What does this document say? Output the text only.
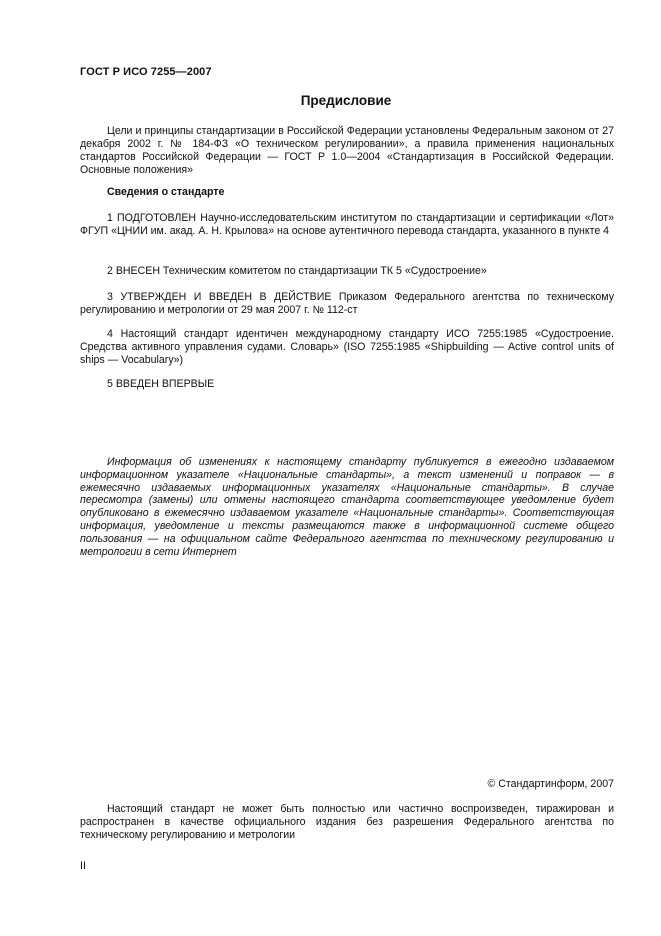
ГОСТ Р ИСО 7255—2007
Предисловие

Цели и принципы стандартизации в Российской Федерации установлены Федеральным законом от 27 декабря 2002 г. № 184-ФЗ «О техническом регулировании», а правила применения национальных стандартов Российской Федерации — ГОСТ Р 1.0—2004 «Стандартизация в Российской Федерации. Основные положения»

Сведения о стандарте

1 ПОДГОТОВЛЕН Научно-исследовательским институтом по стандартизации и сертификации «Лот» ФГУП «ЦНИИ им. акад. А. Н. Крылова» на основе аутентичного перевода стандарта, указанного в пункте 4

2 ВНЕСЕН Техническим комитетом по стандартизации ТК 5 «Судостроение»

3 УТВЕРЖДЕН И ВВЕДЕН В ДЕЙСТВИЕ Приказом Федерального агентства по техническому регулированию и метрологии от 29 мая 2007 г. № 112-ст

4 Настоящий стандарт идентичен международному стандарту ИСО 7255:1985 «Судостроение. Средства активного управления судами. Словарь» (ISO 7255:1985 «Shipbuilding — Active control units of ships — Vocabulary»)

5 ВВЕДЕН ВПЕРВЫЕ

Информация об изменениях к настоящему стандарту публикуется в ежегодно издаваемом информационном указателе «Национальные стандарты», а текст изменений и поправок — в ежемесячно издаваемых информационных указателях «Национальные стандарты». В случае пересмотра (замены) или отмены настоящего стандарта соответствующее уведомление будет опубликовано в ежемесячно издаваемом указателе «Национальные стандарты». Соответствующая информация, уведомление и тексты размещаются также в информационной системе общего пользования — на официальном сайте Федерального агентства по техническому регулированию и метрологии в сети Интернет

© Стандартинформ, 2007

Настоящий стандарт не может быть полностью или частично воспроизведен, тиражирован и распространен в качестве официального издания без разрешения Федерального агентства по техническому регулированию и метрологии

II
